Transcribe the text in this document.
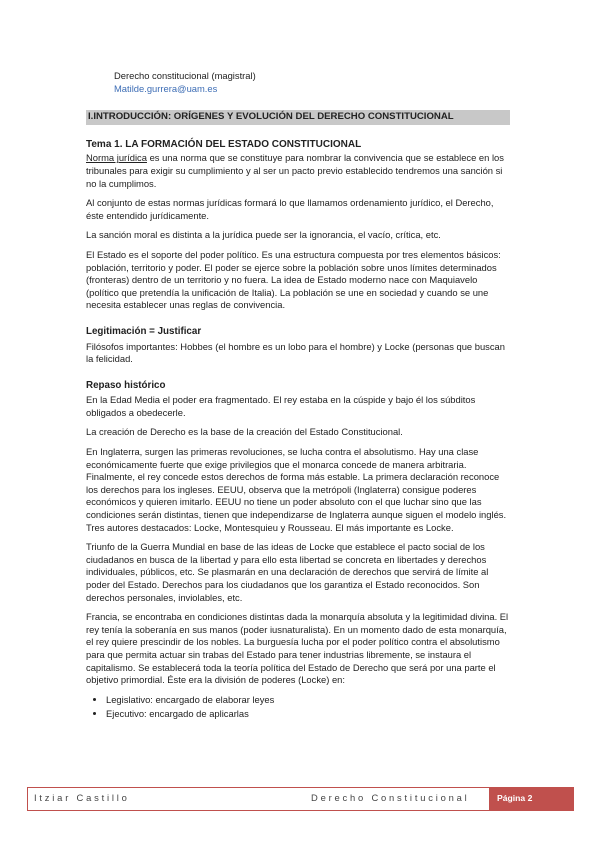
Derecho constitucional (magistral)
Matilde.gurrera@uam.es
I.INTRODUCCIÓN: ORÍGENES Y EVOLUCIÓN DEL DERECHO CONSTITUCIONAL
Tema 1. LA FORMACIÓN DEL ESTADO CONSTITUCIONAL

Norma jurídica es una norma que se constituye para nombrar la convivencia que se establece en los tribunales para exigir su cumplimiento y al ser un pacto previo establecido tendremos una sanción si no la cumplimos.

Al conjunto de estas normas jurídicas formará lo que llamamos ordenamiento jurídico, el Derecho, éste entendido jurídicamente.

La sanción moral es distinta a la jurídica puede ser la ignorancia, el vacío, crítica, etc.

El Estado es el soporte del poder político. Es una estructura compuesta por tres elementos básicos: población, territorio y poder. El poder se ejerce sobre la población sobre unos límites determinados (fronteras) dentro de un territorio y no fuera. La idea de Estado moderno nace con Maquiavelo (político que pretendía la unificación de Italia). La población se une en sociedad y cuando se une necesita establecer unas reglas de convivencia.

Legitimación = Justificar

Filósofos importantes: Hobbes (el hombre es un lobo para el hombre) y Locke (personas que buscan la felicidad.

Repaso histórico

En la Edad Media el poder era fragmentado. El rey estaba en la cúspide y bajo él los súbditos obligados a obedecerle.

La creación de Derecho es la base de la creación del Estado Constitucional.

En Inglaterra, surgen las primeras revoluciones, se lucha contra el absolutismo. Hay una clase económicamente fuerte que exige privilegios que el monarca concede de manera arbitraria. Finalmente, el rey concede estos derechos de forma más estable. La primera declaración reconoce los derechos para los ingleses. EEUU, observa que la metrópoli (Inglaterra) consigue poderes económicos y quieren imitarlo. EEUU no tiene un poder absoluto con el que luchar sino que las condiciones serán distintas, tienen que independizarse de Inglaterra aunque siguen el modelo inglés. Tres autores destacados: Locke, Montesquieu y Rousseau. El más importante es Locke.

Triunfo de la Guerra Mundial en base de las ideas de Locke que establece el pacto social de los ciudadanos en busca de la libertad y para ello esta libertad se concreta en libertades y derechos individuales, públicos, etc. Se plasmarán en una declaración de derechos que servirá de límite al poder del Estado. Derechos para los ciudadanos que los garantiza el Estado reconocidos. Son derechos personales, inviolables, etc.

Francia, se encontraba en condiciones distintas dada la monarquía absoluta y la legitimidad divina. El rey tenía la soberanía en sus manos (poder iusnaturalista). En un momento dado de esta monarquía, el rey quiere prescindir de los nobles. La burguesía lucha por el poder político contra el absolutismo para que permita actuar sin trabas del Estado para tener industrias libremente, se instaura el capitalismo. Se establecerá toda la teoría política del Estado de Derecho que será por una parte el objetivo primordial. Éste era la división de poderes (Locke) en:

• Legislativo: encargado de elaborar leyes
• Ejecutivo: encargado de aplicarlas
Itziar Castillo	Derecho Constitucional	Página 2
